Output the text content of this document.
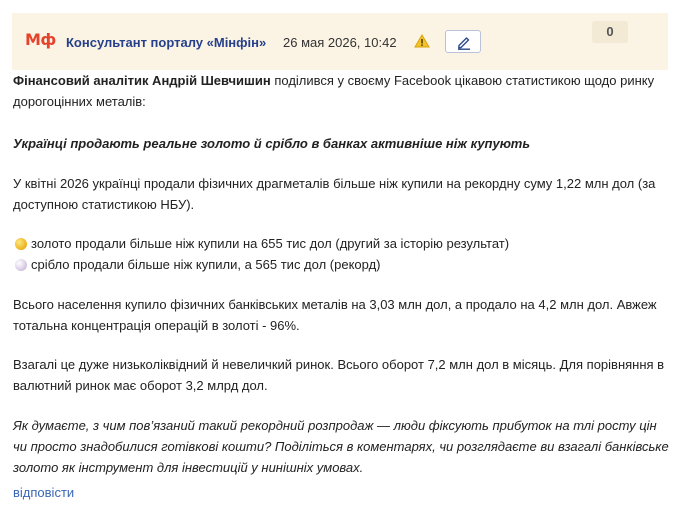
Мф Консультант порталу «Мінфін» 26 мая 2026, 10:42
0

Фінансовий аналітик Андрій Шевчишин поділився у своєму Facebook цікавою статистикою щодо ринку дорогоцінних металів:

Українці продають реальне золото й срібло в банках активніше ніж купують

У квітні 2026 українці продали фізичних драгметалів більше ніж купили на рекордну суму 1,22 млн дол (за доступною статистикою НБУ).

золото продали більше ніж купили на 655 тис дол (другий за історію результат)
срібло продали більше ніж купили, а 565 тис дол (рекорд)

Всього населення купило фізичних банківських металів на 3,03 млн дол, а продало на 4,2 млн дол. Авжеж тотальна концентрація операцій в золоті - 96%.

Взагалі це дуже низьколіквідний й невеличкий ринок. Всього оборот 7,2 млн дол в місяць. Для порівняння в валютний ринок має оборот 3,2 млрд дол.

Як думаєте, з чим пов’язаний такий рекордний розпродаж — люди фіксують прибуток на тлі росту цін чи просто знадобилися готівкові кошти? Поділіться в коментарях, чи розглядаєте ви взагалі банківське золото як інструмент для інвестицій у нинішніх умовах.

відповісти
